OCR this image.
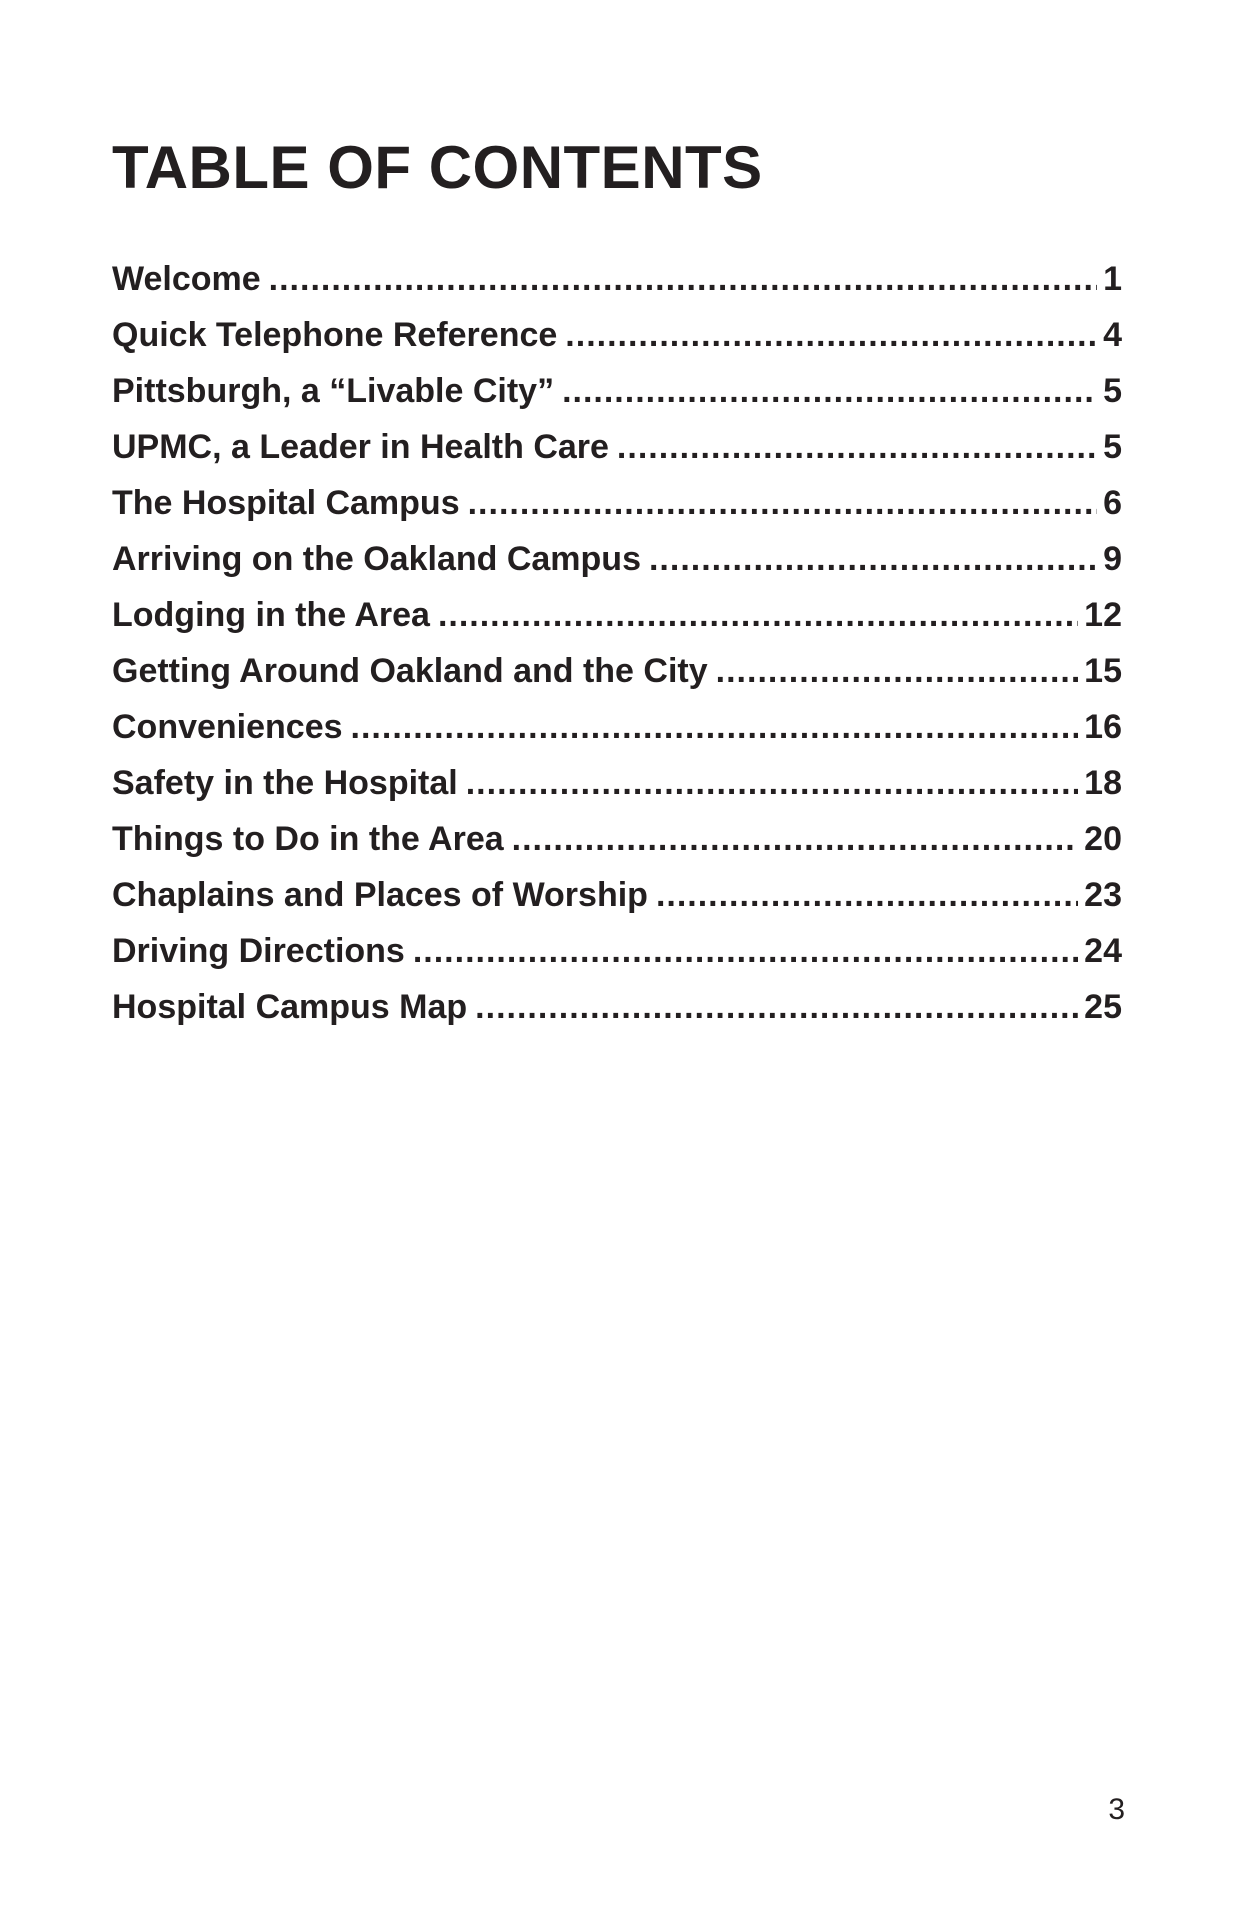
TABLE OF CONTENTS
Welcome .....	1
Quick Telephone Reference .....	4
Pittsburgh, a “Livable City” .....	5
UPMC, a Leader in Health Care .....	5
The Hospital Campus .....	6
Arriving on the Oakland Campus .....	9
Lodging in the Area .....	12
Getting Around Oakland and the City .....	15
Conveniences .....	16
Safety in the Hospital .....	18
Things to Do in the Area .....	20
Chaplains and Places of Worship .....	23
Driving Directions .....	24
Hospital Campus Map .....	25
3
